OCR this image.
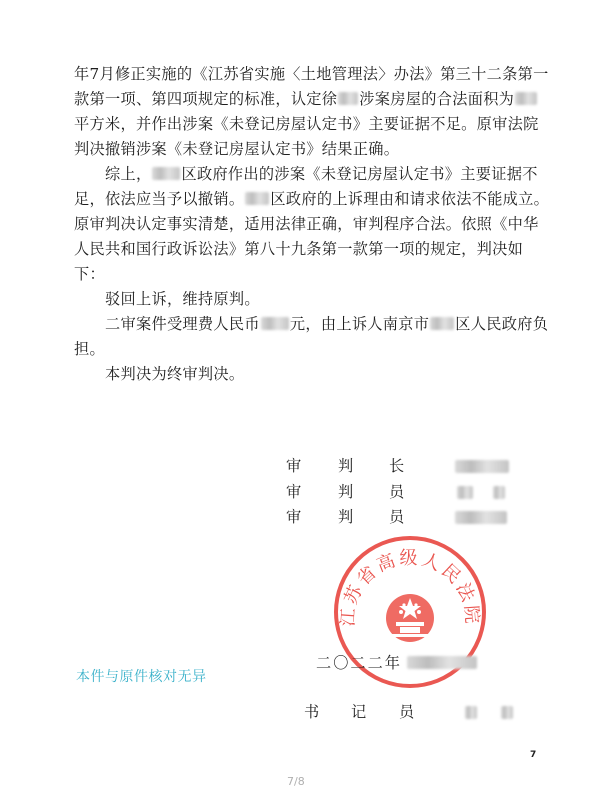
年7月修正实施的《江苏省实施〈土地管理法〉办法》第三十二条第一款第一项、第四项规定的标准，认定徐 涉案房屋的合法面积为平方米，并作出涉案《未登记房屋认定书》主要证据不足。原审法院判决撤销涉案《未登记房屋认定书》结果正确。

综上， 区政府作出的涉案《未登记房屋认定书》主要证据不足，依法应当予以撤销。 区政府的上诉理由和请求依法不能成立。原审判决认定事实清楚，适用法律正确，审判程序合法。依照《中华人民共和国行政诉讼法》第八十九条第一款第一项的规定，判决如下：

驳回上诉，维持原判。

二审案件受理费人民币 元，由上诉人南京市 区人民政府负担。

本判决为终审判决。

审 判 长
审 判 员
审 判 员
江苏省高级人民法院
二〇二二年
本件与原件核对无异
书 记 员
7
7/8
